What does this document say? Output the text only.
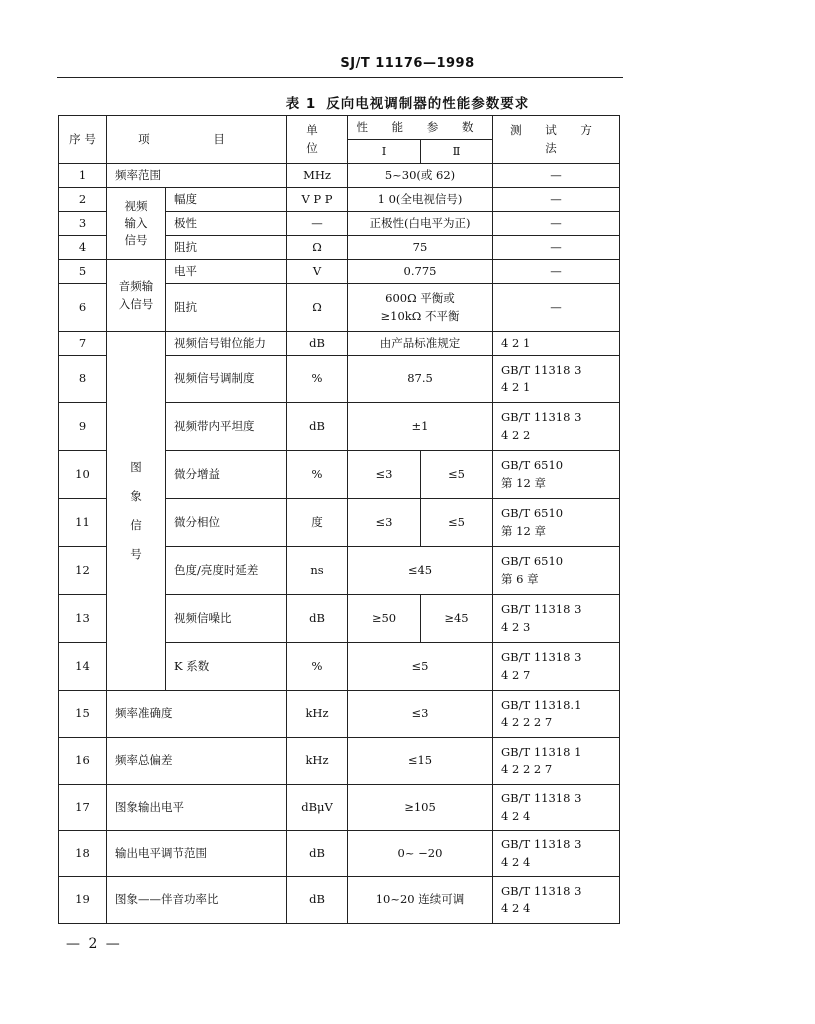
SJ/T 11176—1998
表 1 反向电视调制器的性能参数要求
序 号	项 目		单 位	性 能 参 数		测 试 方 法
				Ⅰ	Ⅱ	
1	频率范围		MHz	5~30(或 62)		—
2	视频
输入
信号	幅度	V P P	1 0(全电视信号)		—
3		极性	—	正极性(白电平为正)		—
4		阻抗	Ω	75		—
5	音频输
入信号	电平	V	0.775		—
6		阻抗	Ω	600Ω 平衡或
≥10kΩ 不平衡		—
7	图
象
信
号	视频信号钳位能力	dB	由产品标准规定		4 2 1

8		视频信号调制度	%	87.5		GB/T 11318 3
4 2 1

9		视频带内平坦度	dB	±1		GB/T 11318 3
4 2 2

10		微分增益	%	≤3	≤5	GB/T 6510
第 12 章

11		微分相位	度	≤3	≤5	GB/T 6510
第 12 章

12		色度/亮度时延差	ns	≤45		GB/T 6510
第 6 章

13		视频信噪比	dB	≥50	≥45	GB/T 11318 3
4 2 3

14		K 系数	%	≤5		GB/T 11318 3
4 2 7

15	频率准确度		kHz	≤3		GB/T 11318.1
4 2 2 2 7

16	频率总偏差		kHz	≤15		GB/T 11318 1
4 2 2 2 7

17	图象输出电平		dBμV	≥105		GB/T 11318 3
4 2 4

18	输出电平调节范围		dB	0~ −20		GB/T 11318 3
4 2 4

19	图象——伴音功率比		dB	10~20 连续可调		GB/T 11318 3
4 2 4
— 2 —
